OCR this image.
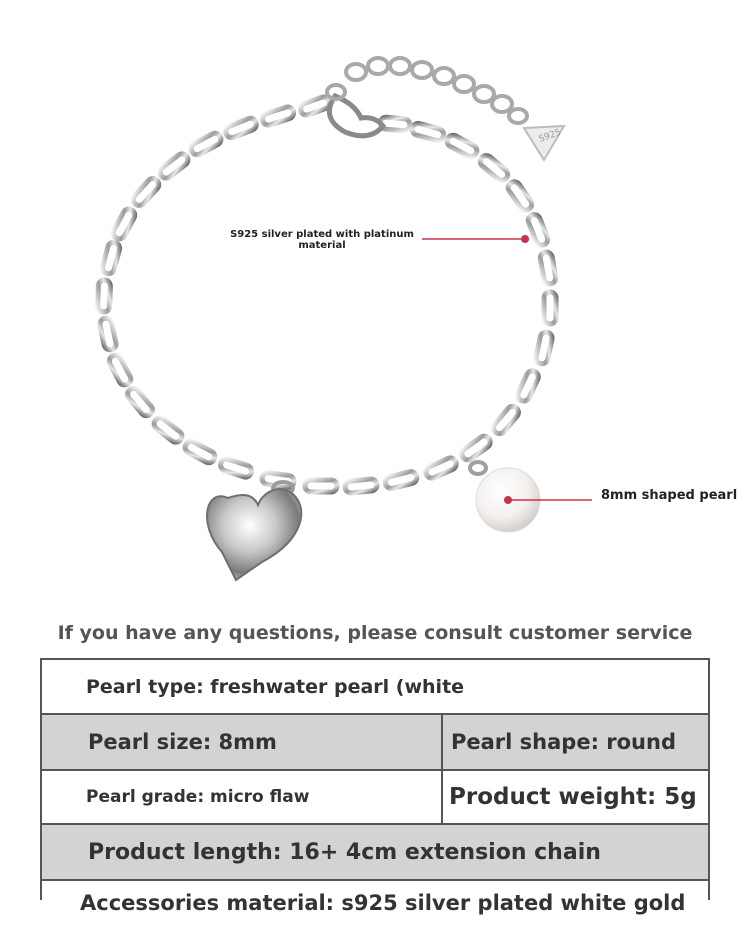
S925
S925 silver plated with platinum material
8mm shaped pearl
If you have any questions, please consult customer service
Pearl type: freshwater pearl (white
Pearl size: 8mm	Pearl shape: round
Pearl grade: micro flaw	Product weight: 5g
Product length: 16+ 4cm extension chain
Accessories material: s925 silver plated white gold
